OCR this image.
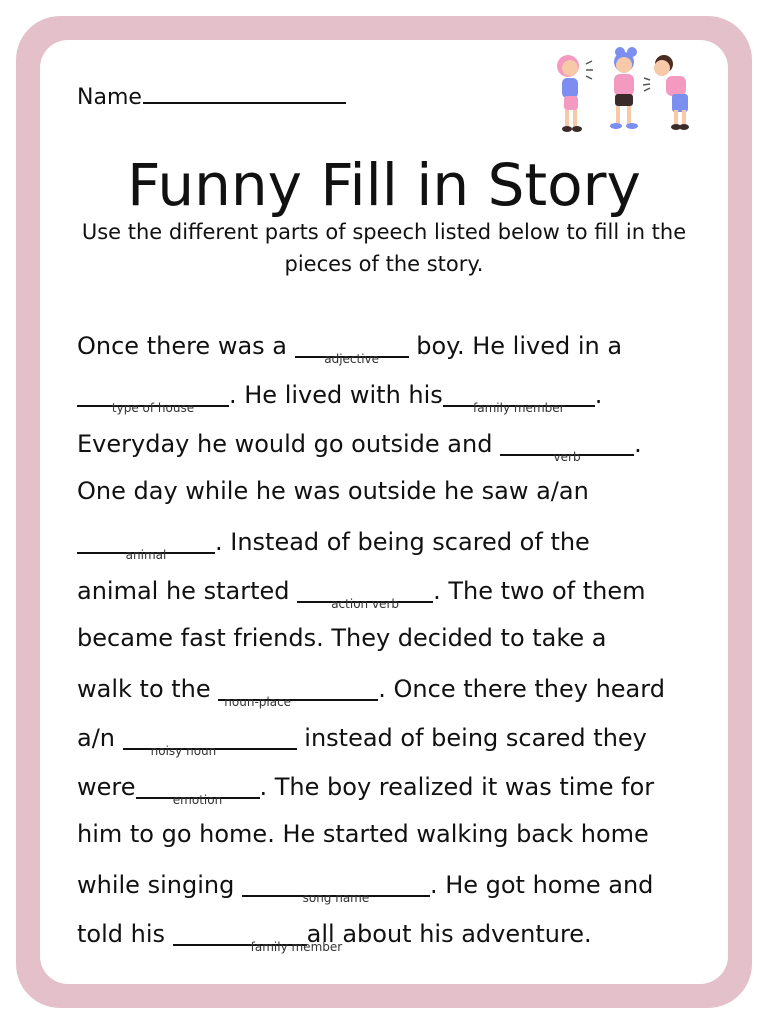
Name
Funny Fill in Story

Use the different parts of speech listed below to fill in the pieces of the story.

Once there was a	adjective	boy. He lived in a
type of house	. He lived with his	family member	.
Everyday he would go outside and	verb	.
One day while he was outside he saw a/an
animal	. Instead of being scared of the
animal he started	action verb	. The two of them
became fast friends. They decided to take a
walk to the noun-place	. Once there they heard
a/n noisy noun	instead of being scared they
were	emotion	. The boy realized it was time for
him to go home. He started walking back home
while singing	song name	. He got home and
told his	family member
all about his adventure.
